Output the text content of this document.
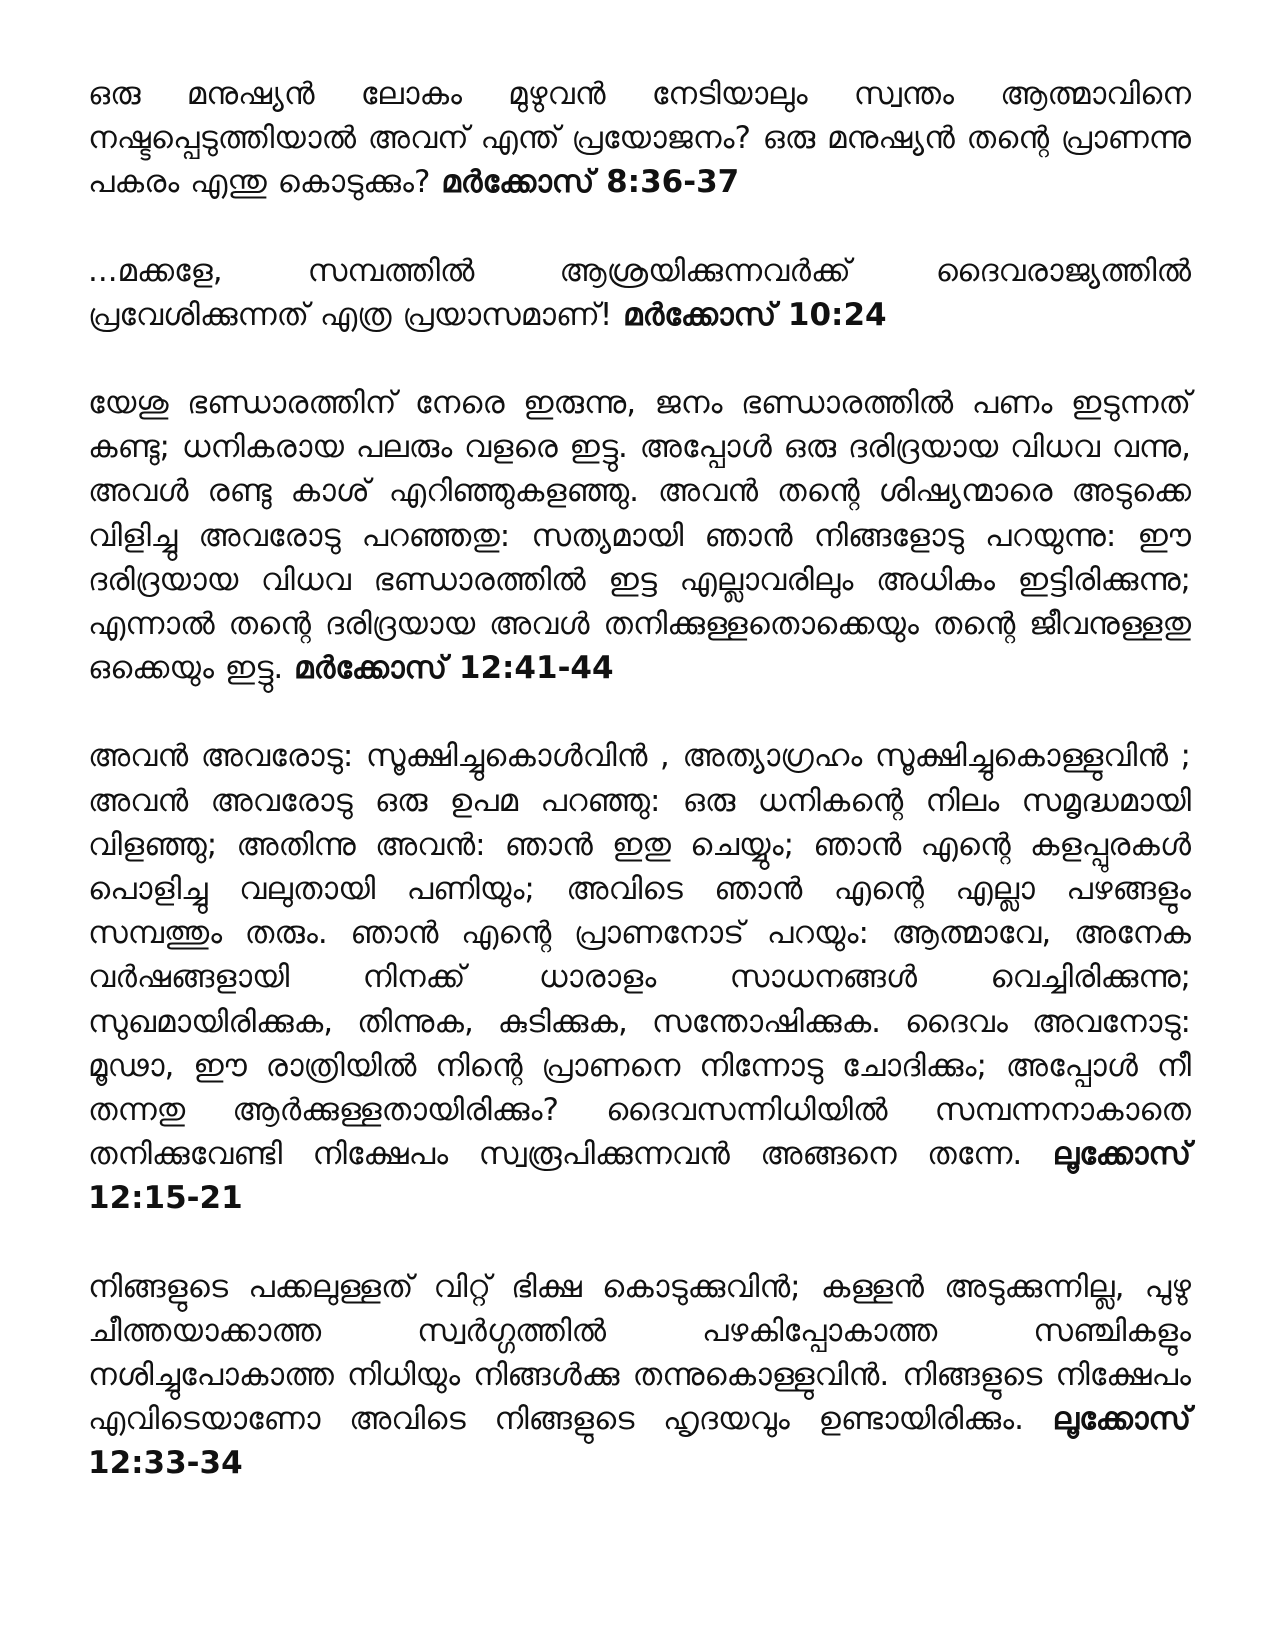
ഒരു മനുഷ്യൻ ലോകം മുഴുവൻ നേടിയാലും സ്വന്തം ആത്മാവിനെ നഷ്ടപ്പെടുത്തിയാൽ അവന് എന്ത് പ്രയോജനം? ഒരു മനുഷ്യൻ തന്റെ പ്രാണന്നു പകരം എന്തു കൊടുക്കും? മർക്കോസ് 8:36-37

...മക്കളേ, സമ്പത്തിൽ ആശ്രയിക്കുന്നവർക്ക് ദൈവരാജ്യത്തിൽ പ്രവേശിക്കുന്നത് എത്ര പ്രയാസമാണ്! മർക്കോസ് 10:24

യേശു ഭണ്ഡാരത്തിന് നേരെ ഇരുന്നു, ജനം ഭണ്ഡാരത്തിൽ പണം ഇടുന്നത് കണ്ടു; ധനികരായ പലരും വളരെ ഇട്ടു. അപ്പോൾ ഒരു ദരിദ്രയായ വിധവ വന്നു, അവൾ രണ്ടു കാശ് എറിഞ്ഞുകളഞ്ഞു. അവൻ തന്റെ ശിഷ്യന്മാരെ അടുക്കെ വിളിച്ചു അവരോടു പറഞ്ഞതു: സത്യമായി ഞാൻ നിങ്ങളോടു പറയുന്നു: ഈ ദരിദ്രയായ വിധവ ഭണ്ഡാരത്തിൽ ഇട്ട എല്ലാവരിലും അധികം ഇട്ടിരിക്കുന്നു; എന്നാൽ തന്റെ ദരിദ്രയായ അവൾ തനിക്കുള്ളതൊക്കെയും തന്റെ ജീവനുള്ളതു ഒക്കെയും ഇട്ടു. മർക്കോസ് 12:41-44

അവൻ അവരോടു: സൂക്ഷിച്ചുകൊൾവിൻ , അത്യാഗ്രഹം സൂക്ഷിച്ചുകൊള്ളുവിൻ ; അവൻ അവരോടു ഒരു ഉപമ പറഞ്ഞു: ഒരു ധനികന്റെ നിലം സമൃദ്ധമായി വിളഞ്ഞു; അതിന്നു അവൻ: ഞാൻ ഇതു ചെയ്യും; ഞാൻ എന്റെ കളപ്പുരകൾ പൊളിച്ചു വലുതായി പണിയും; അവിടെ ഞാൻ എന്റെ എല്ലാ പഴങ്ങളും സമ്പത്തും തരും. ഞാൻ എന്റെ പ്രാണനോട് പറയും: ആത്മാവേ, അനേക വർഷങ്ങളായി നിനക്ക് ധാരാളം സാധനങ്ങൾ വെച്ചിരിക്കുന്നു; സുഖമായിരിക്കുക, തിന്നുക, കുടിക്കുക, സന്തോഷിക്കുക. ദൈവം അവനോടു: മൂഢാ, ഈ രാത്രിയിൽ നിന്റെ പ്രാണനെ നിന്നോടു ചോദിക്കും; അപ്പോൾ നീ തന്നതു ആർക്കുള്ളതായിരിക്കും? ദൈവസന്നിധിയിൽ സമ്പന്നനാകാതെ തനിക്കുവേണ്ടി നിക്ഷേപം സ്വരൂപിക്കുന്നവൻ അങ്ങനെ തന്നേ. ലൂക്കോസ് 12:15-21

നിങ്ങളുടെ പക്കലുള്ളത് വിറ്റ് ഭിക്ഷ കൊടുക്കുവിൻ; കള്ളൻ അടുക്കുന്നില്ല, പുഴു ചീത്തയാക്കാത്ത സ്വർഗ്ഗത്തിൽ പഴകിപ്പോകാത്ത സഞ്ചികളും നശിച്ചുപോകാത്ത നിധിയും നിങ്ങൾക്കു തന്നുകൊള്ളുവിൻ. നിങ്ങളുടെ നിക്ഷേപം എവിടെയാണോ അവിടെ നിങ്ങളുടെ ഹൃദയവും ഉണ്ടായിരിക്കും. ലൂക്കോസ് 12:33-34
